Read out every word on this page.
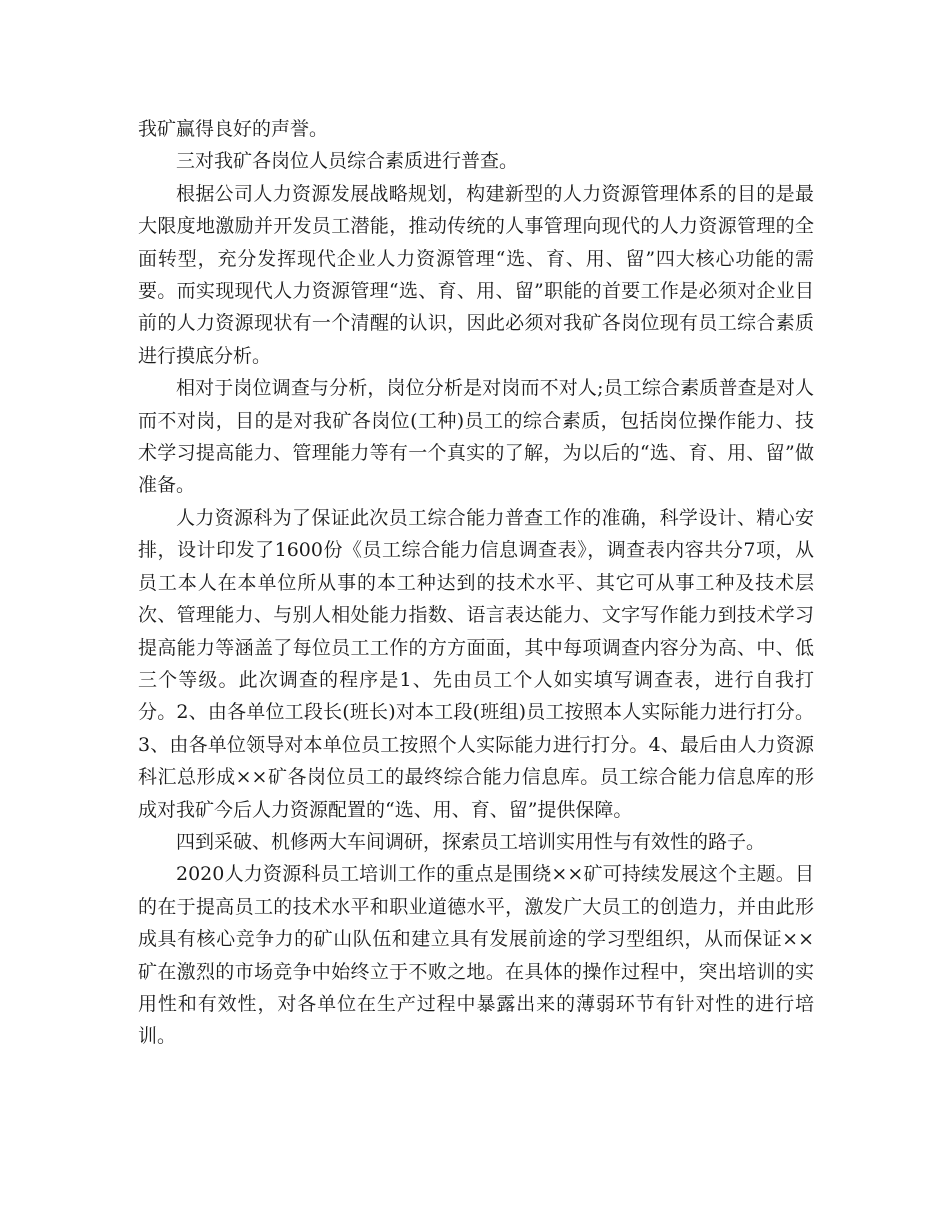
我矿赢得良好的声誉。

三对我矿各岗位人员综合素质进行普查。

根据公司人力资源发展战略规划，构建新型的人力资源管理体系的目的是最大限度地激励并开发员工潜能，推动传统的人事管理向现代的人力资源管理的全面转型，充分发挥现代企业人力资源管理“选、育、用、留”四大核心功能的需要。而实现现代人力资源管理“选、育、用、留”职能的首要工作是必须对企业目前的人力资源现状有一个清醒的认识，因此必须对我矿各岗位现有员工综合素质进行摸底分析。

相对于岗位调查与分析，岗位分析是对岗而不对人;员工综合素质普查是对人而不对岗，目的是对我矿各岗位(工种)员工的综合素质，包括岗位操作能力、技术学习提高能力、管理能力等有一个真实的了解，为以后的“选、育、用、留”做准备。

人力资源科为了保证此次员工综合能力普查工作的准确，科学设计、精心安排，设计印发了1600份《员工综合能力信息调查表》，调查表内容共分7项，从员工本人在本单位所从事的本工种达到的技术水平、其它可从事工种及技术层次、管理能力、与别人相处能力指数、语言表达能力、文字写作能力到技术学习提高能力等涵盖了每位员工工作的方方面面，其中每项调查内容分为高、中、低三个等级。此次调查的程序是1、先由员工个人如实填写调查表，进行自我打分。2、由各单位工段长(班长)对本工段(班组)员工按照本人实际能力进行打分。3、由各单位领导对本单位员工按照个人实际能力进行打分。4、最后由人力资源科汇总形成××矿各岗位员工的最终综合能力信息库。员工综合能力信息库的形成对我矿今后人力资源配置的“选、用、育、留”提供保障。

四到采破、机修两大车间调研，探索员工培训实用性与有效性的路子。

2020人力资源科员工培训工作的重点是围绕××矿可持续发展这个主题。目的在于提高员工的技术水平和职业道德水平，激发广大员工的创造力，并由此形成具有核心竞争力的矿山队伍和建立具有发展前途的学习型组织，从而保证××矿在激烈的市场竞争中始终立于不败之地。在具体的操作过程中，突出培训的实用性和有效性，对各单位在生产过程中暴露出来的薄弱环节有针对性的进行培训。
